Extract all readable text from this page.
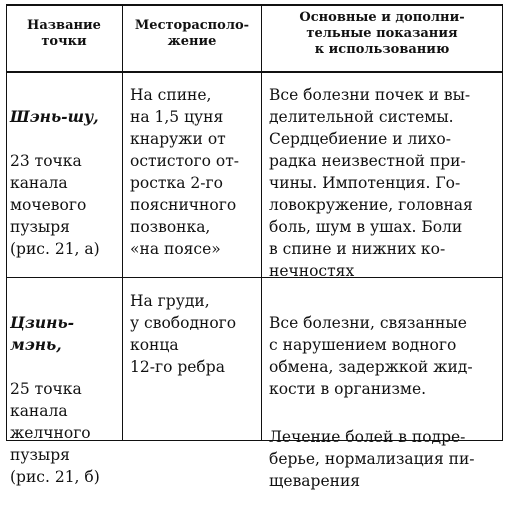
Название
точки
Месторасполо-
жение
Основные и дополни-
тельные показания
к использованию

Шэнь-шу,

23 точка
канала
мочевого
пузыря
(рис. 21, а)

На спине,
на 1,5 цуня
кнаружи от
остистого от-
ростка 2-го
поясничного
позвонка,
«на поясе»
Все болезни почек и вы-
делительной системы.
Сердцебиение и лихо-
радка неизвестной при-
чины. Импотенция. Го-
ловокружение, головная
боль, шум в ушах. Боли
в спине и нижних ко-
нечностях

Цзинь-
мэнь,

25 точка
канала
желчного
пузыря
(рис. 21, б)

На груди,
у свободного
конца
12-го ребра

Все болезни, связанные
с нарушением водного
обмена, задержкой жид-
кости в организме.

Лечение болей в подре-
берье, нормализация пи-
щеварения
